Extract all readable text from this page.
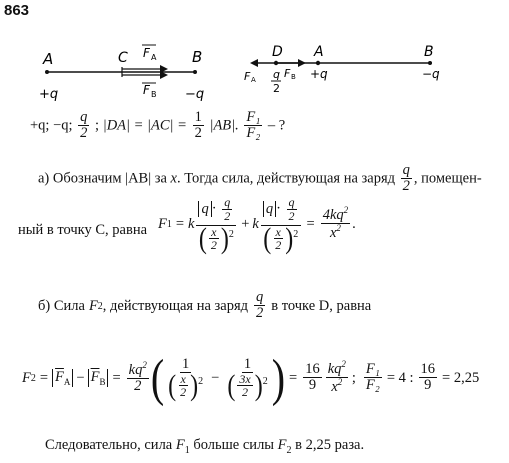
863
A	C	B
F A
F B
+q	−q
D A	B
F A	F B
q
2
+q	−q
+q; −q; $\frac{q}{2}$ ; $|DA| = |AC| = \frac{1}{2} |AB|$. $\frac{\text{F₁}}{\text{F₂}}$ – ?
а) Обозначим |AB| за x. Тогда сила, действующая на заряд $\frac{q}{2}$ , помещен-
ный в точку С, равна F 1 = k $\frac{q \cdot \frac{q}{2}}{( \frac{x}{2} )^2} + k \frac{q \cdot \frac{q}{2}}{( \frac{x}{2} )^2} = \frac{4kq^2}{x^2}$ .
б) Сила F 2 , действующая на заряд $\frac{q}{2}$ в точке D, равна
F $2 = \overline{F}_A - \overline{F}_B = \frac{kq^2}{2}$ ( $\frac{1}{( \frac{x}{2} )^2} - \frac{1}{( \frac{3x}{2} )^2}$ ) = $\frac{16}{9} \frac{kq^2}{x^2}$ ; $\frac{\text{F₁}}{\text{F₂}} = 4$ : $\frac{16}{9} = 2,25$
Следовательно, сила $F_1$ больше силы $F_2$ в 2,25 раза.
